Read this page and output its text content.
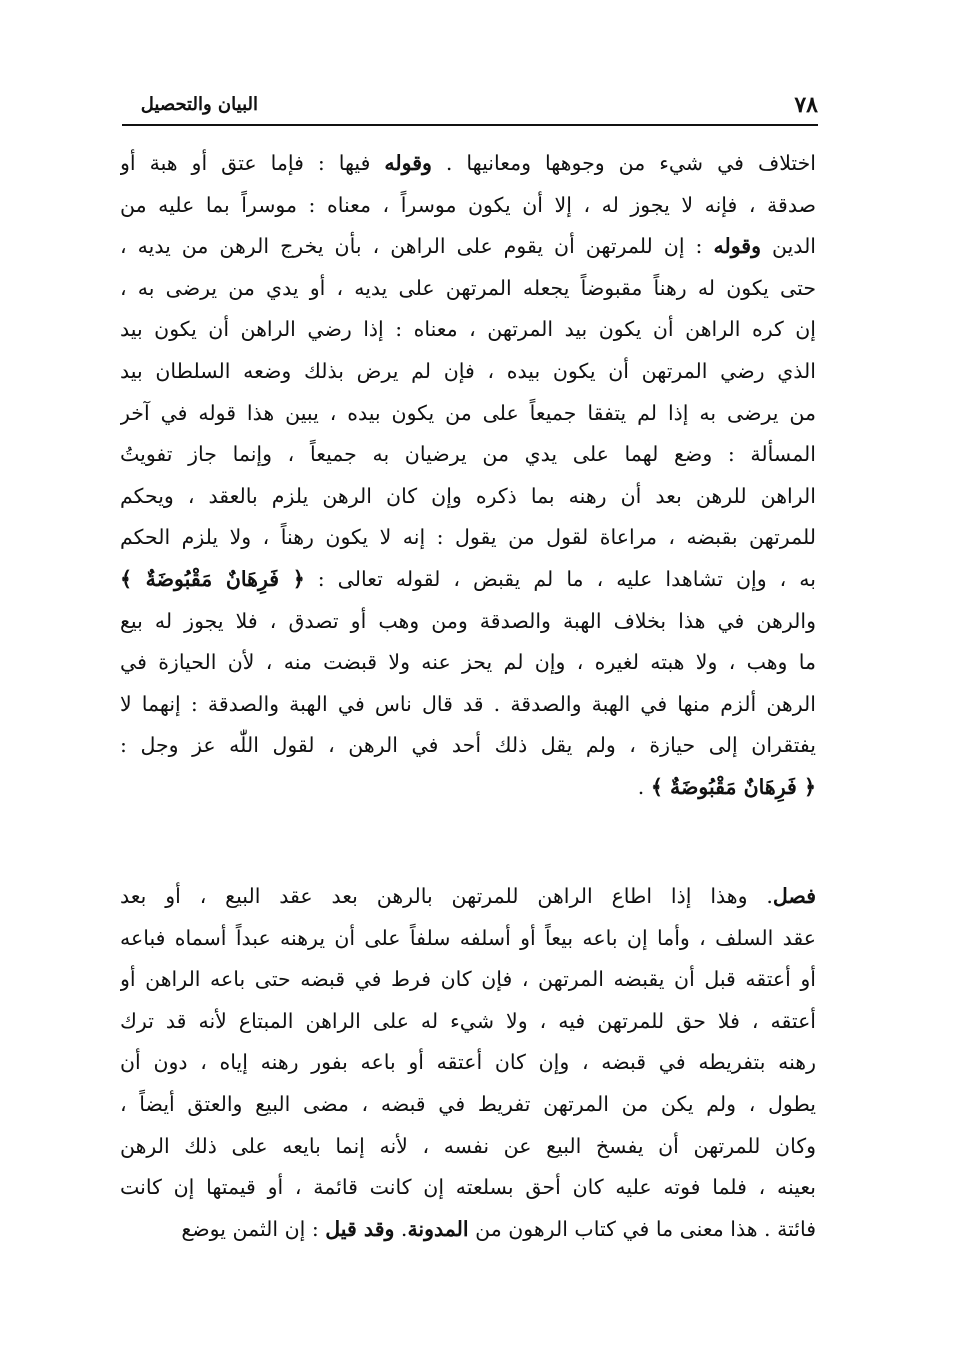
البيان والتحصيل	٧٨
اختلاف في شيء من وجوهها ومعانيها . وقوله فيها : فإما عتق أو هبة أو
صدقة ، فإنه لا يجوز له ، إلا أن يكون موسراً ، معناه : موسراً بما عليه من
الدين وقوله : إن للمرتهن أن يقوم على الراهن ، بأن يخرج الرهن من يديه ،
حتى يكون له رهناً مقبوضاً يجعله المرتهن على يديه ، أو يدي من يرضى به ،
إن كره الراهن أن يكون بيد المرتهن ، معناه : إذا رضي الراهن أن يكون بيد
الذي رضي المرتهن أن يكون بيده ، فإن لم يرض بذلك وضعه السلطان بيد
من يرضى به إذا لم يتفقا جميعاً على من يكون بيده ، يبين هذا قوله في آخر
المسألة : وضع لهما على يدي من يرضيان به جميعاً ، وإنما جاز تفويتُ
الراهن للرهن بعد أن رهنه بما ذكره وإن كان الرهن يلزم بالعقد ، ويحكم
للمرتهن بقبضه ، مراعاة لقول من يقول : إنه لا يكون رهناً ، ولا يلزم الحكم
به ، وإن تشاهدا عليه ، ما لم يقبض ، لقوله تعالى : ﴿ فَرِهَانٌ مَقْبُوضَةٌ ﴾
والرهن في هذا بخلاف الهبة والصدقة ومن وهب أو تصدق ، فلا يجوز له بيع
ما وهب ، ولا هبته لغيره ، وإن لم يحز عنه ولا قبضت منه ، لأن الحيازة في
الرهن ألزم منها في الهبة والصدقة . قد قال ناس في الهبة والصدقة : إنهما لا
يفتقران إلى حيازة ، ولم يقل ذلك أحد في الرهن ، لقول اللّٰه عز وجل :
﴿ فَرِهَانٌ مَقْبُوضَةٌ ﴾ .
فصل. وهذا إذا اطاع الراهن للمرتهن بالرهن بعد عقد البيع ، أو بعد
عقد السلف ، وأما إن باعه بيعاً أو أسلفه سلفاً على أن يرهنه عبداً أسماه فباعه
أو أعتقه قبل أن يقبضه المرتهن ، فإن كان فرط في قبضه حتى باعه الراهن أو
أعتقه ، فلا حق للمرتهن فيه ، ولا شيء له على الراهن المبتاع لأنه قد ترك
رهنه بتفريطه في قبضه ، وإن كان أعتقه أو باعه بفور رهنه إياه ، دون أن
يطول ، ولم يكن من المرتهن تفريط في قبضه ، مضى البيع والعتق أيضاً ،
وكان للمرتهن أن يفسخ البيع عن نفسه ، لأنه إنما بايعه على ذلك الرهن
بعينه ، فلما فوته عليه كان أحق بسلعته إن كانت قائمة ، أو قيمتها إن كانت
فائتة . هذا معنى ما في كتاب الرهون من المدونة. وقد قيل : إن الثمن يوضع
